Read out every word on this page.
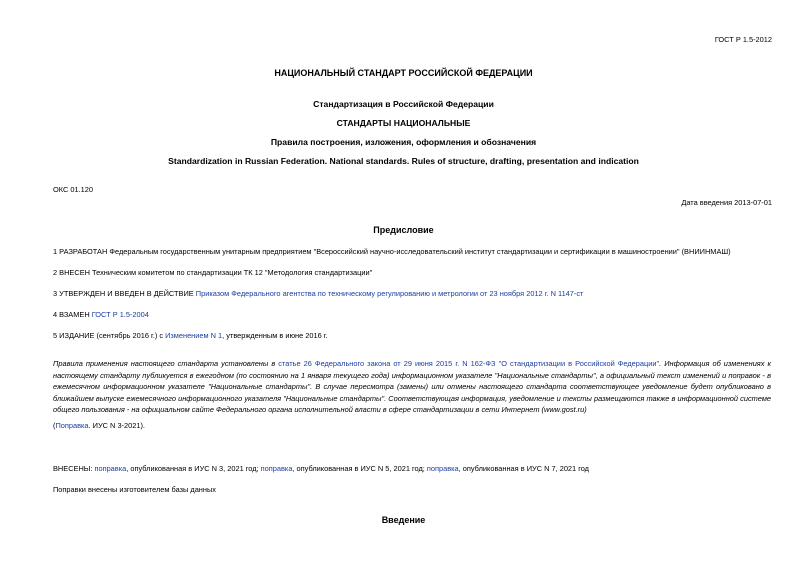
ГОСТ Р 1.5-2012
НАЦИОНАЛЬНЫЙ СТАНДАРТ РОССИЙСКОЙ ФЕДЕРАЦИИ
Стандартизация в Российской Федерации
СТАНДАРТЫ НАЦИОНАЛЬНЫЕ
Правила построения, изложения, оформления и обозначения
Standardization in Russian Federation. National standards. Rules of structure, drafting, presentation and indication
ОКС 01.120
Дата введения 2013-07-01
Предисловие
1 РАЗРАБОТАН Федеральным государственным унитарным предприятием "Всероссийский научно-исследовательский институт стандартизации и сертификации в машиностроении" (ВНИИНМАШ)
2 ВНЕСЕН Техническим комитетом по стандартизации ТК 12 "Методология стандартизации"
3 УТВЕРЖДЕН И ВВЕДЕН В ДЕЙСТВИЕ Приказом Федерального агентства по техническому регулированию и метрологии от 23 ноября 2012 г. N 1147-ст
4 ВЗАМЕН ГОСТ Р 1.5-2004
5 ИЗДАНИЕ (сентябрь 2016 г.) с Изменением N 1, утвержденным в июне 2016 г.
Правила применения настоящего стандарта установлены в статье 26 Федерального закона от 29 июня 2015 г. N 162-ФЗ "О стандартизации в Российской Федерации". Информация об изменениях к настоящему стандарту публикуется в ежегодном (по состоянию на 1 января текущего года) информационном указателе "Национальные стандарты", а официальный текст изменений и поправок - в ежемесячном информационном указателе "Национальные стандарты". В случае пересмотра (замены) или отмены настоящего стандарта соответствующее уведомление будет опубликовано в ближайшем выпуске ежемесячного информационного указателя "Национальные стандарты". Соответствующая информация, уведомление и тексты размещаются также в информационной системе общего пользования - на официальном сайте Федерального органа исполнительной власти в сфере стандартизации в сети Интернет (www.gost.ru)
(Поправка. ИУС N 3-2021).
ВНЕСЕНЫ: поправка, опубликованная в ИУС N 3, 2021 год; поправка, опубликованная в ИУС N 5, 2021 год; поправка, опубликованная в ИУС N 7, 2021 год
Поправки внесены изготовителем базы данных
Введение
